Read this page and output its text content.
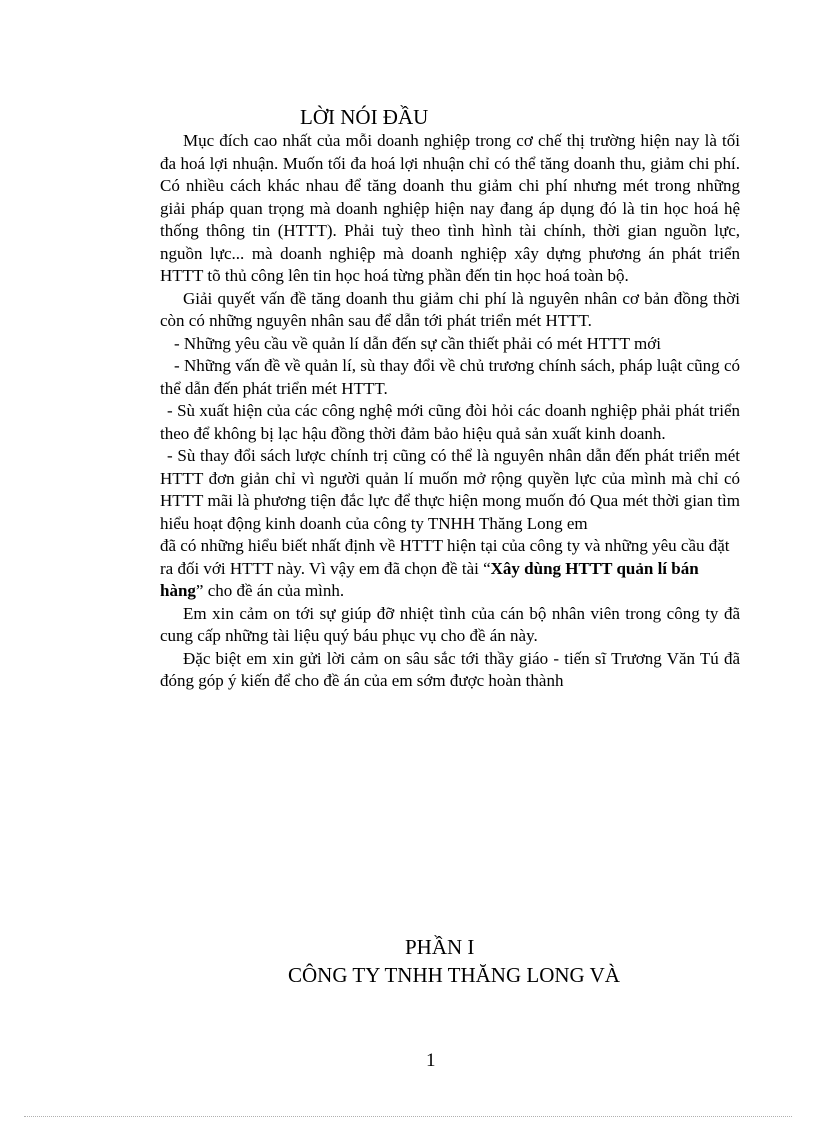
LỜI NÓI ĐẦU

Mục đích cao nhất của mỗi doanh nghiệp trong cơ chế thị trường hiện nay là tối đa hoá lợi nhuận. Muốn tối đa hoá lợi nhuận chỉ có thể tăng doanh thu, giảm chi phí. Có nhiều cách khác nhau để tăng doanh thu giảm chi phí nhưng mét trong những giải pháp quan trọng mà doanh nghiệp hiện nay đang áp dụng đó là tin học hoá hệ thống thông tin (HTTT). Phải tuỳ theo tình hình tài chính, thời gian nguồn lực, nguồn lực... mà doanh nghiệp mà doanh nghiệp xây dựng phương án phát triển HTTT tõ thủ công lên tin học hoá từng phần đến tin học hoá toàn bộ.

Giải quyết vấn đề tăng doanh thu giảm chi phí là nguyên nhân cơ bản đồng thời còn có những nguyên nhân sau để dẫn tới phát triển mét HTTT.

- Những yêu cầu về quản lí dẫn đến sự cần thiết phải có mét HTTT mới

- Những vấn đề về quản lí, sù thay đổi về chủ trương chính sách, pháp luật cũng có thể dẫn đến phát triển mét HTTT.

- Sù xuất hiện của các công nghệ mới cũng đòi hỏi các doanh nghiệp phải phát triển theo để không bị lạc hậu đồng thời đảm bảo hiệu quả sản xuất kinh doanh.

- Sù thay đổi sách lược chính trị cũng có thể là nguyên nhân dẫn đến phát triển mét HTTT đơn giản chỉ vì người quản lí muốn mở rộng quyền lực của mình mà chỉ có HTTT mãi là phương tiện đắc lực để thực hiện mong muốn đó Qua mét thời gian tìm hiểu hoạt động kinh doanh của công ty TNHH Thăng Long em

đã có những hiểu biết nhất định về HTTT hiện tại của công ty và những yêu cầu đặt ra đối với HTTT này. Vì vậy em đã chọn đề tài “Xây dùng HTTT quản lí bán hàng” cho đề án của mình.

Em xin cảm on tới sự giúp đỡ nhiệt tình của cán bộ nhân viên trong công ty đã cung cấp những tài liệu quý báu phục vụ cho đề án này.

Đặc biệt em xin gửi lời cảm on sâu sắc tới thầy giáo - tiến sĩ Trương Văn Tú đã đóng góp ý kiến để cho đề án của em sớm được hoàn thành

PHẦN I
CÔNG TY TNHH THĂNG LONG VÀ
1
